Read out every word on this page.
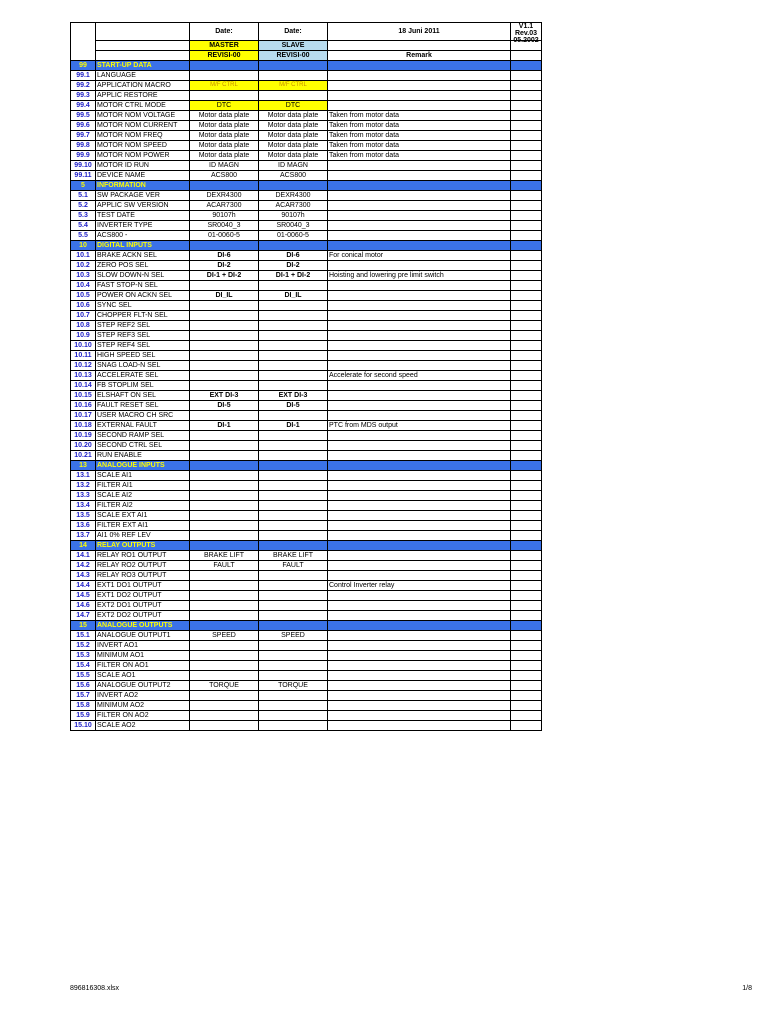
		Date:	Date:	18 Juni 2011	V1.1
Rev.03
05.2002

		MASTER	SLAVE		
		REVISI-00	REVISI-00	Remark	
99	START-UP DATA				
99.1	LANGUAGE				
99.2	APPLICATION MACRO	M/F CTRL	M/F CTRL		
99.3	APPLIC RESTORE				
99.4	MOTOR CTRL MODE	DTC	DTC		
99.5	MOTOR NOM VOLTAGE	Motor data plate	Motor data plate	Taken from motor data	
99.6	MOTOR NOM CURRENT	Motor data plate	Motor data plate	Taken from motor data	
99.7	MOTOR NOM FREQ	Motor data plate	Motor data plate	Taken from motor data	
99.8	MOTOR NOM SPEED	Motor data plate	Motor data plate	Taken from motor data	
99.9	MOTOR NOM POWER	Motor data plate	Motor data plate	Taken from motor data	
99.10	MOTOR ID RUN	ID MAGN	ID MAGN		
99.11	DEVICE NAME	ACS800	ACS800		
5	INFORMATION				
5.1	SW PACKAGE VER	DEXR4300	DEXR4300		
5.2	APPLIC SW VERSION	ACAR7300	ACAR7300		
5.3	TEST DATE	90107h	90107h		
5.4	INVERTER TYPE	SR0040_3	SR0040_3		
5.5	ACS800 -	01-0060-5	01-0060-5		
10	DIGITAL INPUTS				
10.1	BRAKE ACKN SEL	DI-6	DI-6	For conical motor	
10.2	ZERO POS SEL	DI-2	DI-2		
10.3	SLOW DOWN-N SEL	DI-1 + DI-2	DI-1 + DI-2	Hoisting and lowering pre limit switch	
10.4	FAST STOP-N SEL				
10.5	POWER ON ACKN SEL	DI_IL	DI_IL		
10.6	SYNC SEL				
10.7	CHOPPER FLT-N SEL				
10.8	STEP REF2 SEL				
10.9	STEP REF3 SEL				
10.10	STEP REF4 SEL				
10.11	HIGH SPEED SEL				
10.12	SNAG LOAD-N SEL				
10.13	ACCELERATE SEL			Accelerate for second speed	
10.14	FB STOPLIM SEL				
10.15	ELSHAFT ON SEL	EXT DI-3	EXT DI-3		
10.16	FAULT RESET SEL	DI-5	DI-5		
10.17	USER MACRO CH SRC				
10.18	EXTERNAL FAULT	DI-1	DI-1	PTC from MDS output	
10.19	SECOND RAMP SEL				
10.20	SECOND CTRL SEL				
10.21	RUN ENABLE				
13	ANALOGUE INPUTS				
13.1	SCALE AI1				
13.2	FILTER AI1				
13.3	SCALE AI2				
13.4	FILTER AI2				
13.5	SCALE EXT AI1				
13.6	FILTER EXT AI1				
13.7	AI1 0% REF LEV				
14	RELAY OUTPUTS				
14.1	RELAY RO1 OUTPUT	BRAKE LIFT	BRAKE LIFT		
14.2	RELAY RO2 OUTPUT	FAULT	FAULT		
14.3	RELAY RO3 OUTPUT				
14.4	EXT1 DO1 OUTPUT			Control Inverter relay	
14.5	EXT1 DO2 OUTPUT				
14.6	EXT2 DO1 OUTPUT				
14.7	EXT2 DO2 OUTPUT				
15	ANALOGUE OUTPUTS				
15.1	ANALOGUE OUTPUT1	SPEED	SPEED		
15.2	INVERT AO1				
15.3	MINIMUM AO1				
15.4	FILTER ON AO1				
15.5	SCALE AO1				
15.6	ANALOGUE OUTPUT2	TORQUE	TORQUE		
15.7	INVERT AO2				
15.8	MINIMUM AO2				
15.9	FILTER ON AO2				
15.10	SCALE AO2				
896816308.xlsx	1/8
